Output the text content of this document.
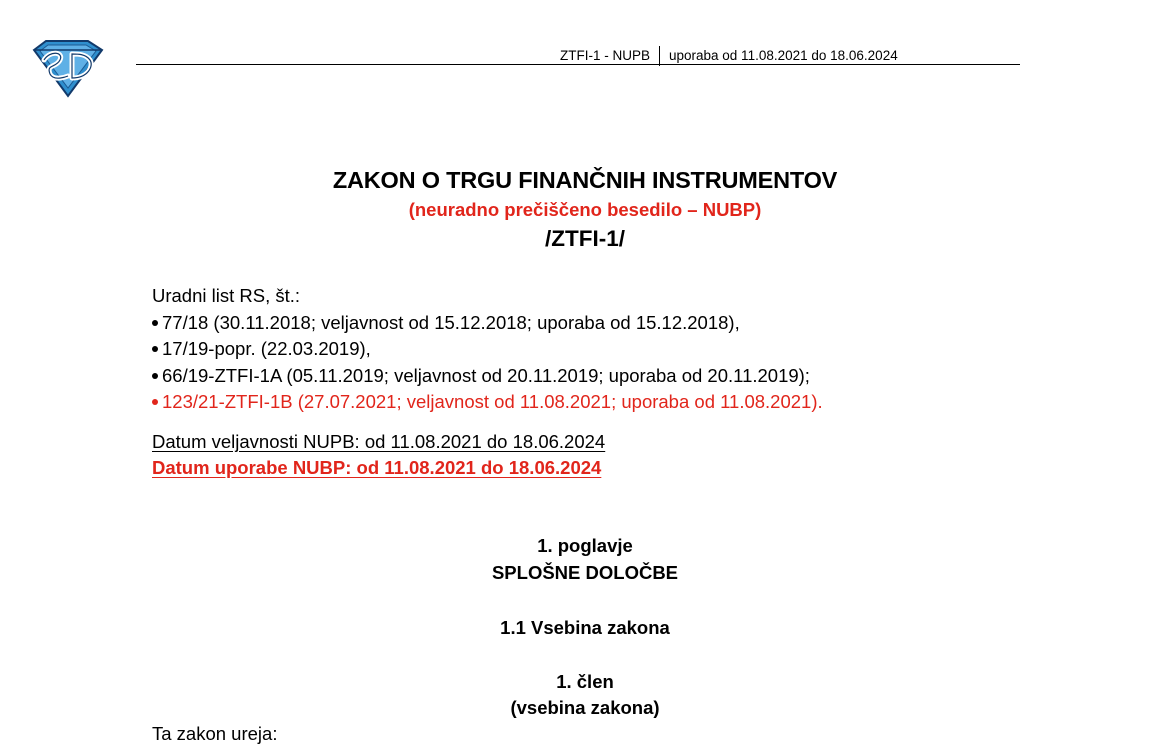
ZTFI-1 - NUPB uporaba od 11.08.2021 do 18.06.2024
ZAKON O TRGU FINANČNIH INSTRUMENTOV
(neuradno prečiščeno besedilo – NUBP)
/ZTFI-1/
Uradni list RS, št.:
77/18 (30.11.2018; veljavnost od 15.12.2018; uporaba od 15.12.2018),
17/19-popr. (22.03.2019),
66/19-ZTFI-1A (05.11.2019; veljavnost od 20.11.2019; uporaba od 20.11.2019);
123/21-ZTFI-1B (27.07.2021; veljavnost od 11.08.2021; uporaba od 11.08.2021).
Datum veljavnosti NUPB: od 11.08.2021 do 18.06.2024
Datum uporabe NUBP: od 11.08.2021 do 18.06.2024
1. poglavje
SPLOŠNE DOLOČBE
1.1 Vsebina zakona
1. člen
(vsebina zakona)
Ta zakon ureja:
